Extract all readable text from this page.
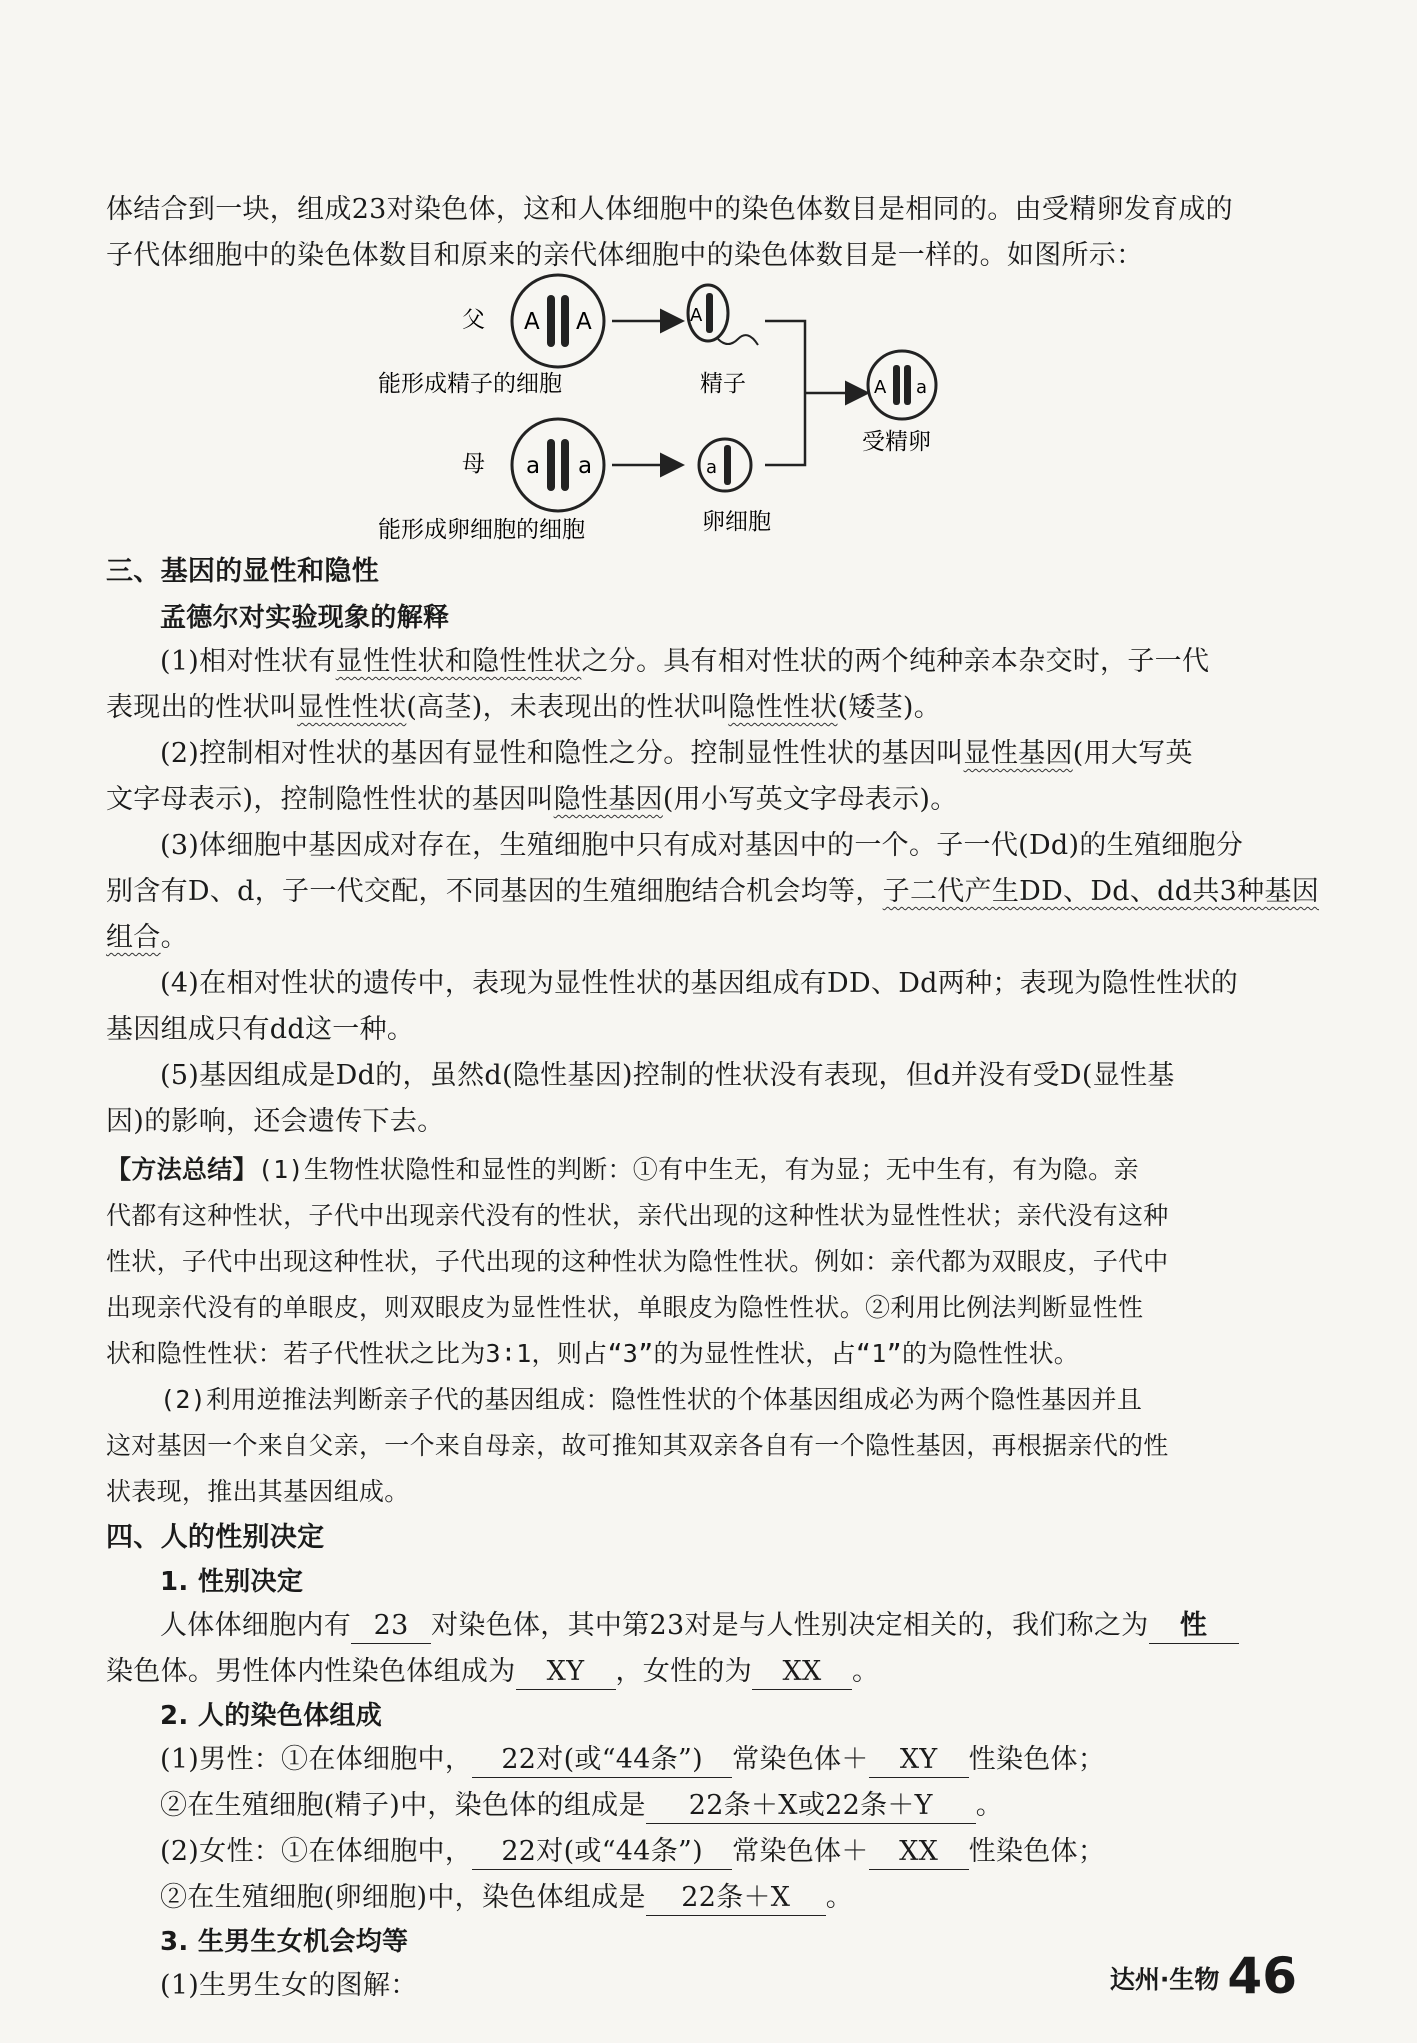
体结合到一块，组成23对染色体，这和人体细胞中的染色体数目是相同的。由受精卵发育成的
子代体细胞中的染色体数目和原来的亲代体细胞中的染色体数目是一样的。如图所示：
父 A A	A
能形成精子的细胞	精子	A a
受精卵
母 a a	a
能形成卵细胞的细胞	卵细胞
三、基因的显性和隐性
孟德尔对实验现象的解释
(1)相对性状有显性性状和隐性性状之分。具有相对性状的两个纯种亲本杂交时，子一代
表现出的性状叫显性性状(高茎)，未表现出的性状叫隐性性状(矮茎)。
(2)控制相对性状的基因有显性和隐性之分。控制显性性状的基因叫显性基因(用大写英
文字母表示)，控制隐性性状的基因叫隐性基因(用小写英文字母表示)。
(3)体细胞中基因成对存在，生殖细胞中只有成对基因中的一个。子一代(Dd)的生殖细胞分
别含有D、d，子一代交配，不同基因的生殖细胞结合机会均等，子二代产生DD、Dd、dd共3种基因
组合。
(4)在相对性状的遗传中，表现为显性性状的基因组成有DD、Dd两种；表现为隐性性状的
基因组成只有dd这一种。
(5)基因组成是Dd的，虽然d(隐性基因)控制的性状没有表现，但d并没有受D(显性基
因)的影响，还会遗传下去。
【方法总结】(1)生物性状隐性和显性的判断：①有中生无，有为显；无中生有，有为隐。亲
代都有这种性状，子代中出现亲代没有的性状，亲代出现的这种性状为显性性状；亲代没有这种
性状，子代中出现这种性状，子代出现的这种性状为隐性性状。例如：亲代都为双眼皮，子代中
出现亲代没有的单眼皮，则双眼皮为显性性状，单眼皮为隐性性状。②利用比例法判断显性性
状和隐性性状：若子代性状之比为3∶1，则占“3”的为显性性状，占“1”的为隐性性状。
(2)利用逆推法判断亲子代的基因组成：隐性性状的个体基因组成必为两个隐性基因并且
这对基因一个来自父亲，一个来自母亲，故可推知其双亲各自有一个隐性基因，再根据亲代的性
状表现，推出其基因组成。
四、人的性别决定
1. 性别决定
人体体细胞内有 23 对染色体，其中第23对是与人性别决定相关的，我们称之为 性
染色体。男性体内性染色体组成为 XY ，女性的为 XX 。
2. 人的染色体组成
(1)男性：①在体细胞中， 22对(或“44条”) 常染色体＋ XY 性染色体；
②在生殖细胞(精子)中，染色体的组成是 22条＋X或22条＋Y 。
(2)女性：①在体细胞中， 22对(或“44条”) 常染色体＋ XX 性染色体；
②在生殖细胞(卵细胞)中，染色体组成是 22条＋X 。
3. 生男生女机会均等
(1)生男生女的图解：	达州·生物 46
